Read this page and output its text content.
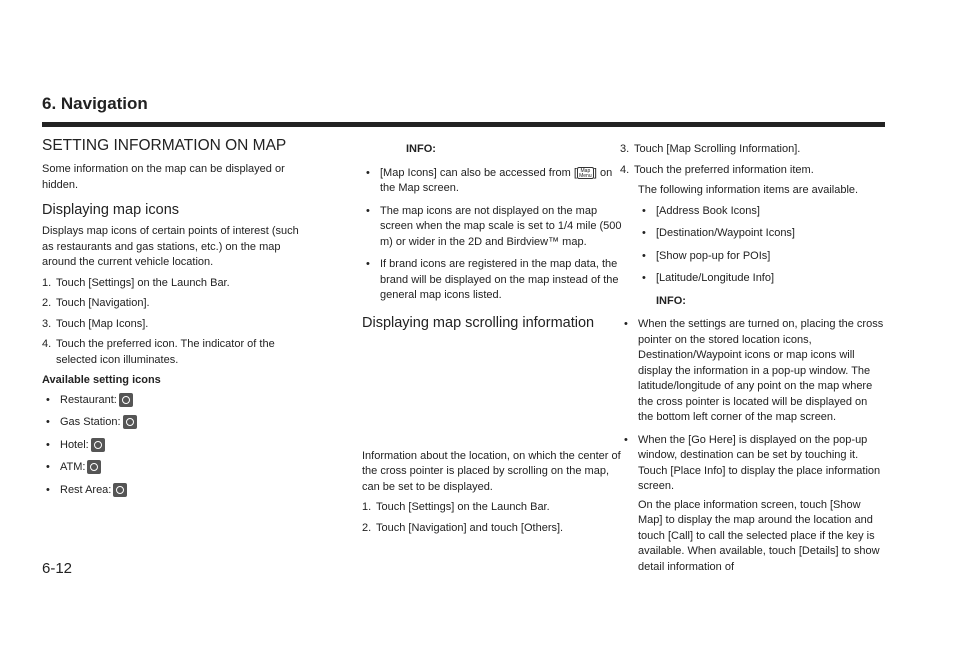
6. Navigation
SETTING INFORMATION ON MAP

Some information on the map can be displayed or hidden.

Displaying map icons

Displays map icons of certain points of interest (such as restaurants and gas stations, etc.) on the map around the current vehicle location.

1. Touch [Settings] on the Launch Bar.
2. Touch [Navigation].
3. Touch [Map Icons].
4. Touch the preferred icon. The indicator of the selected icon illuminates.
Available setting icons
• Restaurant:
• Gas Station:
• Hotel:
• ATM:
• Rest Area:
INFO:
• [Map Icons] can also be accessed from [ Map Menu ] on the Map screen.
• The map icons are not displayed on the map screen when the map scale is set to 1/4 mile (500 m) or wider in the 2D and Birdview™ map.
• If brand icons are registered in the map data, the brand will be displayed on the map instead of the general map icons listed.
Displaying map scrolling information

Information about the location, on which the center of the cross pointer is placed by scrolling on the map, can be set to be displayed.

1. Touch [Settings] on the Launch Bar.
2. Touch [Navigation] and touch [Others].
3. Touch [Map Scrolling Information].
4. Touch the preferred information item.

The following information items are available.

• [Address Book Icons]
• [Destination/Waypoint Icons]
• [Show pop-up for POIs]
• [Latitude/Longitude Info]
INFO:
• When the settings are turned on, placing the cross pointer on the stored location icons, Destination/Waypoint icons or map icons will display the information in a pop-up window. The latitude/longitude of any point on the map where the cross pointer is located will be displayed on the bottom left corner of the map screen.
• When the [Go Here] is displayed on the pop-up window, destination can be set by touching it. Touch [Place Info] to display the place information screen.

On the place information screen, touch [Show Map] to display the map around the location and touch [Call] to call the selected place if the key is available. When available, touch [Details] to show detail information of

6-12
